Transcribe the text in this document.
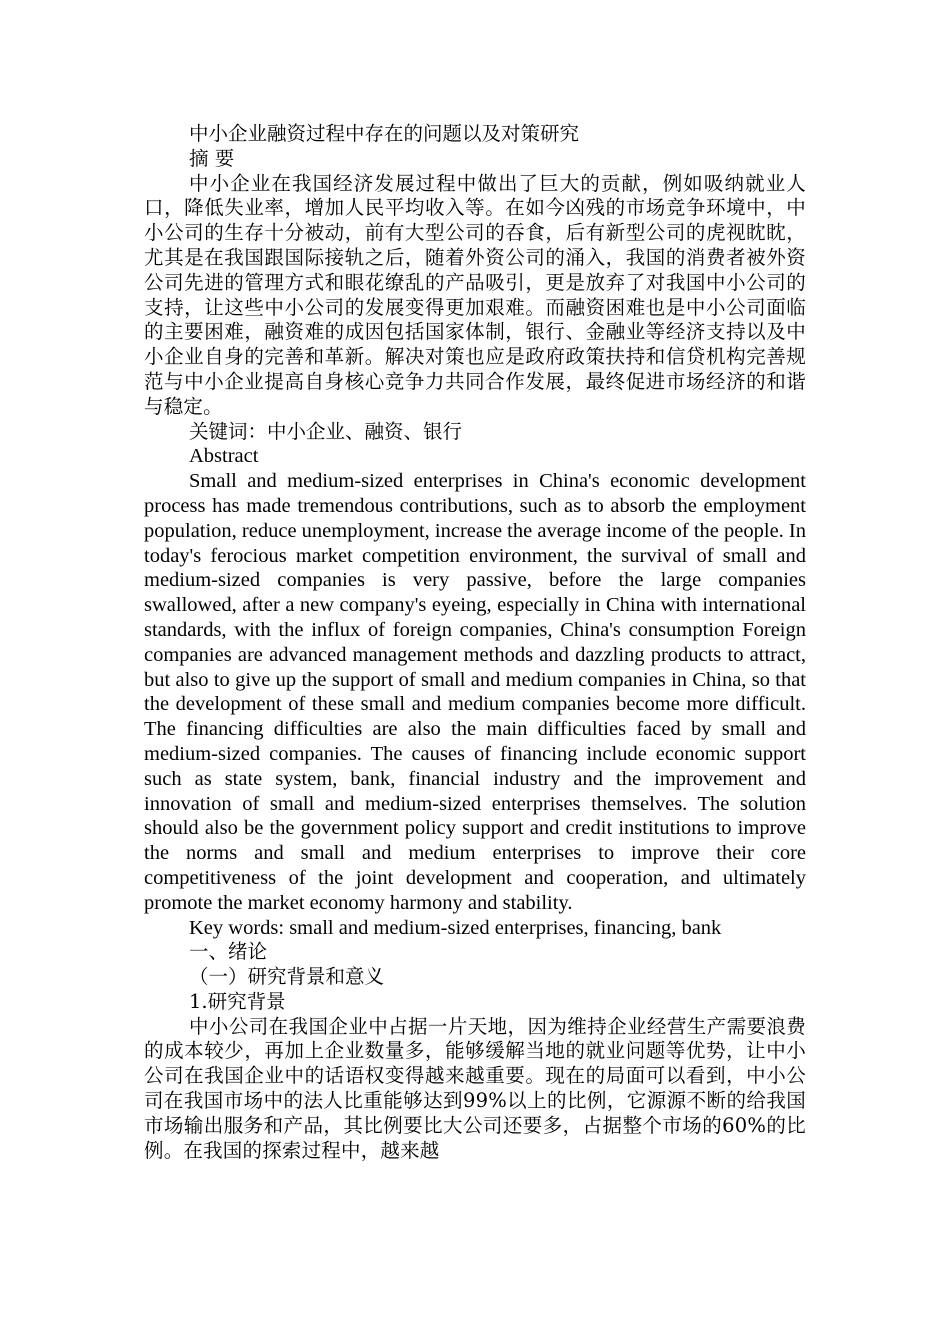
中小企业融资过程中存在的问题以及对策研究

摘 要

中小企业在我国经济发展过程中做出了巨大的贡献，例如吸纳就业人口，降低失业率，增加人民平均收入等。在如今凶残的市场竞争环境中，中小公司的生存十分被动，前有大型公司的吞食，后有新型公司的虎视眈眈，尤其是在我国跟国际接轨之后，随着外资公司的涌入，我国的消费者被外资公司先进的管理方式和眼花缭乱的产品吸引，更是放弃了对我国中小公司的支持，让这些中小公司的发展变得更加艰难。而融资困难也是中小公司面临的主要困难，融资难的成因包括国家体制，银行、金融业等经济支持以及中小企业自身的完善和革新。解决对策也应是政府政策扶持和信贷机构完善规范与中小企业提高自身核心竞争力共同合作发展，最终促进市场经济的和谐与稳定。

关键词：中小企业、融资、银行

Abstract

Small and medium-sized enterprises in China's economic development process has made tremendous contributions, such as to absorb the employment population, reduce unemployment, increase the average income of the people. In today's ferocious market competition environment, the survival of small and medium-sized companies is very passive, before the large companies swallowed, after a new company's eyeing, especially in China with international standards, with the influx of foreign companies, China's consumption Foreign companies are advanced management methods and dazzling products to attract, but also to give up the support of small and medium companies in China, so that the development of these small and medium companies become more difficult. The financing difficulties are also the main difficulties faced by small and medium-sized companies. The causes of financing include economic support such as state system, bank, financial industry and the improvement and innovation of small and medium-sized enterprises themselves. The solution should also be the government policy support and credit institutions to improve the norms and small and medium enterprises to improve their core competitiveness of the joint development and cooperation, and ultimately promote the market economy harmony and stability.

Key words: small and medium-sized enterprises, financing, bank

一、绪论

（一）研究背景和意义

1.研究背景

中小公司在我国企业中占据一片天地，因为维持企业经营生产需要浪费的成本较少，再加上企业数量多，能够缓解当地的就业问题等优势，让中小公司在我国企业中的话语权变得越来越重要。现在的局面可以看到，中小公司在我国市场中的法人比重能够达到99%以上的比例，它源源不断的给我国市场输出服务和产品，其比例要比大公司还要多，占据整个市场的60%的比例。在我国的探索过程中，越来越
